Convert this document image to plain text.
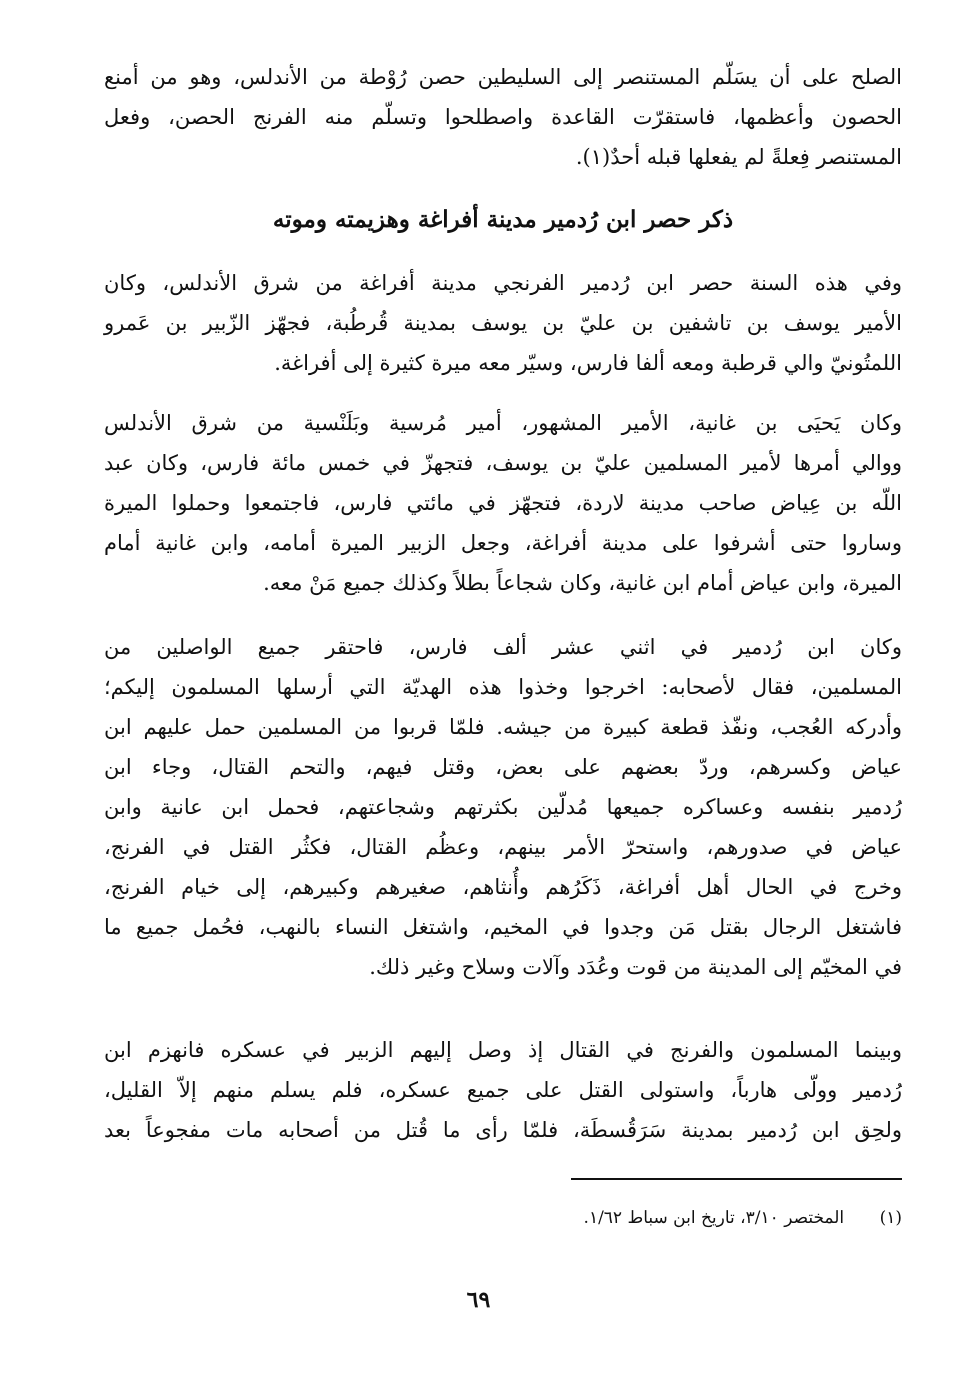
الصلح على أن يسَلّم المستنصر إلى السليطين حصن رُوْطة من الأندلس، وهو من أمنع
الحصون وأعظمها، فاستقرّت القاعدة واصطلحوا وتسلّم منه الفرنج الحصن، وفعل
المستنصر فِعلةً لم يفعلها قبله أحدٌ(١).
ذكر حصر ابن رُدمير مدينة أفراغة وهزيمته وموته
وفي هذه السنة حصر ابن رُدمير الفرنجي مدينة أفراغة من شرق الأندلس، وكان
الأمير يوسف بن تاشفين بن عليّ بن يوسف بمدينة قُرطُبة، فجهّز الزّبير بن عَمرو
اللمتُونيّ والي قرطبة ومعه ألفا فارس، وسيّر معه ميرة كثيرة إلى أفراغة.
وكان يَحيَى بن غانية، الأمير المشهور، أمير مُرسية وبَلَنْسية من شرق الأندلس
ووالي أمرها لأمير المسلمين عليّ بن يوسف، فتجهزّ في خمس مائة فارس، وكان عبد
اللّه بن عِياض صاحب مدينة لاردة، فتجهّز في مائتي فارس، فاجتمعوا وحملوا الميرة
وساروا حتى أشرفوا على مدينة أفراغة، وجعل الزبير الميرة أمامه، وابن غانية أمام
الميرة، وابن عياض أمام ابن غانية، وكان شجاعاً بطلاً وكذلك جميع مَنْ معه.
وكان ابن رُدمير في اثني عشر ألف فارس، فاحتقر جميع الواصلين من
المسلمين، فقال لأصحابه: اخرجوا وخذوا هذه الهديّة التي أرسلها المسلمون إليكم؛
وأدركه العُجب، ونفّذ قطعة كبيرة من جيشه. فلمّا قربوا من المسلمين حمل عليهم ابن
عياض وكسرهم، وردّ بعضهم على بعض، وقتل فيهم، والتحم القتال، وجاء ابن
رُدمير بنفسه وعساكره جميعها مُدلّين بكثرتهم وشجاعتهم، فحمل ابن عانية وابن
عياض في صدورهم، واستحرّ الأمر بينهم، وعظُم القتال، فكثُر القتل في الفرنج،
وخرج في الحال أهل أفراغة، ذَكَرُهم وأُنثاهم، صغيرهم وكبيرهم، إلى خيام الفرنج،
فاشتغل الرجال بقتل مَن وجدوا في المخيم، واشتغل النساء بالنهب، فحُمل جميع ما
في المخيّم إلى المدينة من قوت وعُدَد وآلات وسلاح وغير ذلك.
وبينما المسلمون والفرنج في القتال إذ وصل إليهم الزبير في عسكره فانهزم ابن
رُدمير وولّى هارباً، واستولى القتل على جميع عسكره، فلم يسلم منهم إلاّ القليل،
ولحِق ابن رُدمير بمدينة سَرَقُسطَة، فلمّا رأى ما قُتل من أصحابه مات مفجوعاً بعد
(١) المختصر ٣/١٠، تاريخ ابن سباط ١/٦٢.
٦٩
